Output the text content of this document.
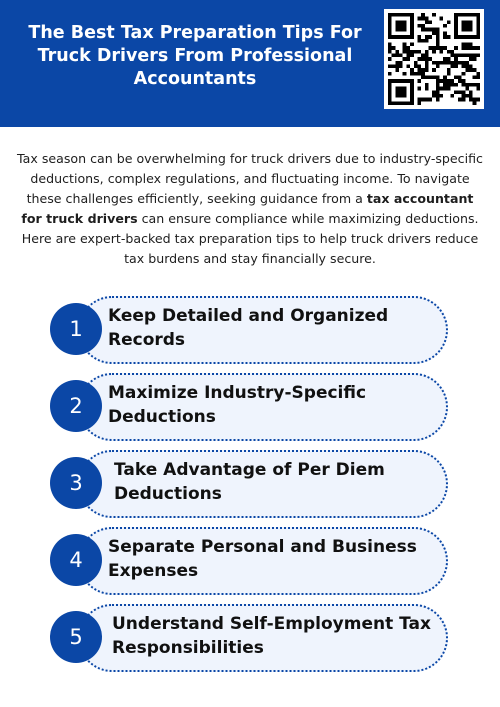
The Best Tax Preparation Tips For Truck Drivers From Professional Accountants

Tax season can be overwhelming for truck drivers due to industry-specific deductions, complex regulations, and fluctuating income. To navigate these challenges efficiently, seeking guidance from a tax accountant for truck drivers can ensure compliance while maximizing deductions. Here are expert-backed tax preparation tips to help truck drivers reduce tax burdens and stay financially secure.

1
Keep Detailed and Organized Records
2
Maximize Industry-Specific Deductions
3
Take Advantage of Per Diem Deductions
4
Separate Personal and Business Expenses
5
Understand Self-Employment Tax Responsibilities
